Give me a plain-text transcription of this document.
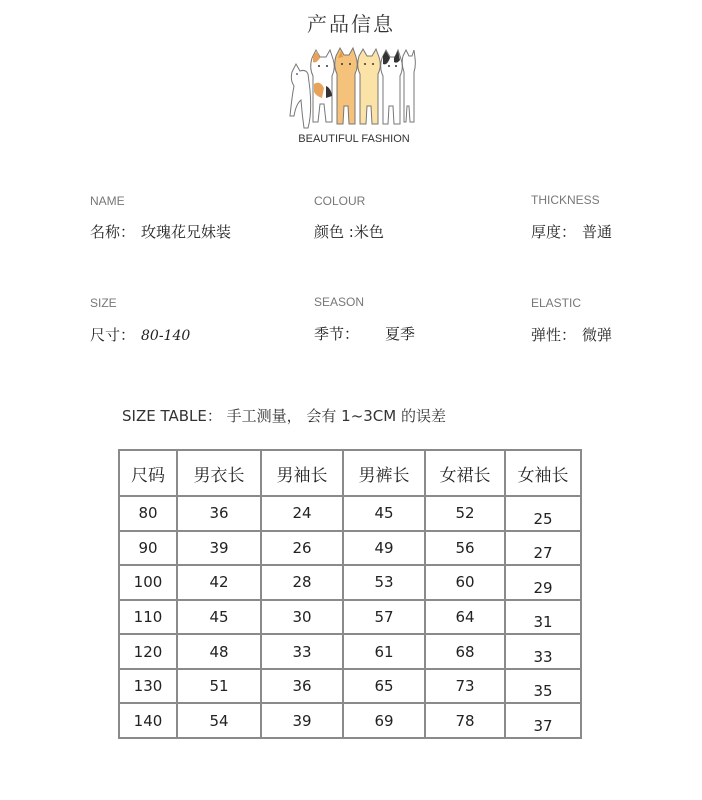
产品信息
BEAUTIFUL FASHION
NAME
名称： 玫瑰花兄妹装
COLOUR
颜色 :米色
THICKNESS
厚度： 普通
SIZE
尺寸： 80-140
SEASON
季节： 夏季
ELASTIC
弹性： 微弹
SIZE TABLE： 手工测量， 会有 1~3CM 的误差
尺码	男衣长	男袖长	男裤长	女裙长	女袖长
80	36	24	45	52	25
90	39	26	49	56	27
100	42	28	53	60	29
110	45	30	57	64	31
120	48	33	61	68	33
130	51	36	65	73	35
140	54	39	69	78	37
